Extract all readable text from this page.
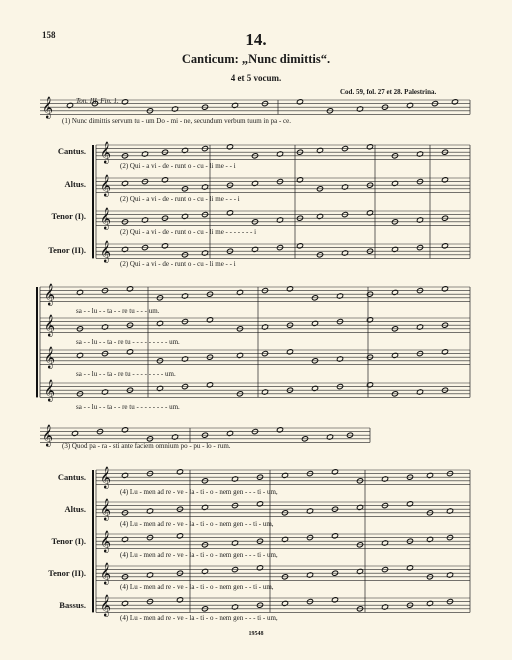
158	14.
Canticum: „Nunc dimittis“.
4 et 5 vocum.
Cod. 59, fol. 27 et 28. Palestrina.
Ton. III. Fin. 1.
𝄞
𝄞
𝄞
𝄞
𝄞
𝄞
𝄞
𝄞
𝄞
𝄞
𝄞
𝄞
𝄞
𝄞
𝄞
(1) Nunc dimittis servum tu - um Do - mi - ne, secundum verbum tuum in pa - ce.
(3) Quod pa - ra - sti ante faciem omnium po - pu - lo - rum.
Cantus.
Altus.
Tenor (I).
Tenor (II).
(2) Qui - a vi - de - runt o - cu - li me - - i
(2) Qui - a vi - de - runt o - cu - li me - - - i
(2) Qui - a vi - de - runt o - cu - li me - - - - - - - i
(2) Qui - a vi - de - runt o - cu - li me - - i
sa - - lu - - ta - - re tu - - - um.
sa - - lu - - ta - re tu - - - - - - - - - um.
sa - - lu - - ta - re tu - - - - - - - - um.
sa - - lu - - ta - - re tu - - - - - - - - um.
Cantus.
Altus.
Tenor (I).
Tenor (II).
Bassus.
(4) Lu - men ad re - ve - la - ti - o - nem gen - - - ti - um,
(4) Lu - men ad re - ve - la - ti - o - nem gen - - ti - um,
(4) Lu - men ad re - ve - la - ti - o - nem gen - - - ti - um,
(4) Lu - men ad re - ve - la - ti - o - nem gen - - ti - um,
(4) Lu - men ad re - ve - la - ti - o - nem gen - - - ti - um,
19548
